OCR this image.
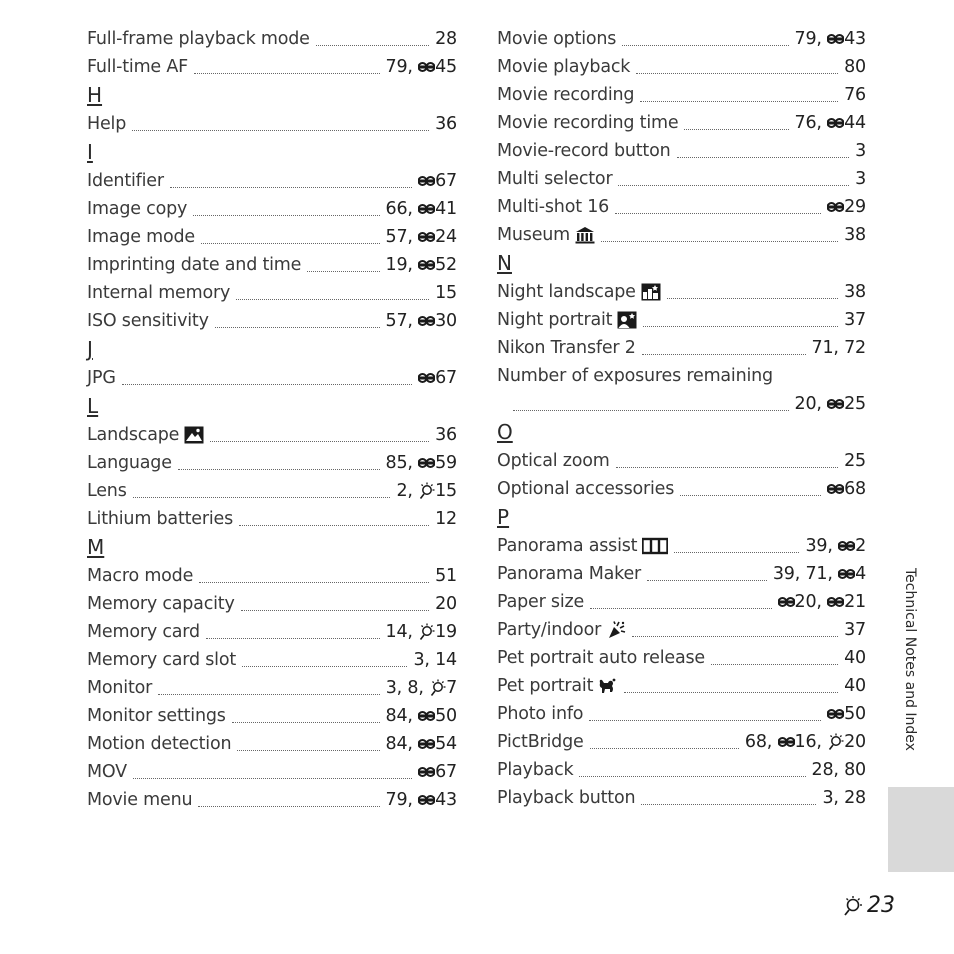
Full-frame playback mode	28
Full-time AF	79, 45
H
Help	36
I
Identifier	67
Image copy	66, 41
Image mode	57, 24
Imprinting date and time	19, 52
Internal memory	15
ISO sensitivity	57, 30
J
JPG	67
L
Landscape	36
Language	85, 59
Lens	2, 15
Lithium batteries	12
M
Macro mode	51
Memory capacity	20
Memory card	14, 19
Memory card slot	3, 14
Monitor	3, 8, 7
Monitor settings	84, 50
Motion detection	84, 54
MOV	67
Movie menu	79, 43
Movie options	79, 43
Movie playback	80
Movie recording	76
Movie recording time	76, 44
Movie-record button	3
Multi selector	3
Multi-shot 16	29
Museum	38
N
Night landscape	38
Night portrait	37
Nikon Transfer 2	71, 72
Number of exposures remaining
20, 25
O
Optical zoom	25
Optional accessories	68
P
Panorama assist	39, 2
Panorama Maker	39, 71, 4
Paper size	20 , 21
Party/indoor	37
Pet portrait auto release	40
Pet portrait	40
Photo info	50
PictBridge	68, 16 , 20
Playback	28, 80
Playback button	3, 28
Technical Notes and Index
23
